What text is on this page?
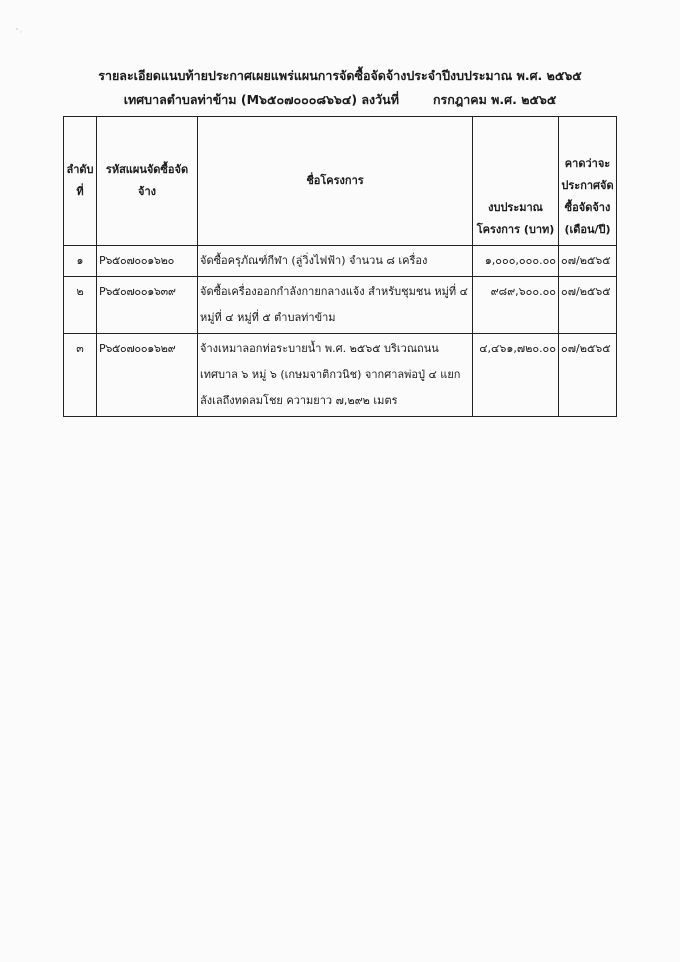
รายละเอียดแนบท้ายประกาศเผยแพร่แผนการจัดซื้อจัดจ้างประจำปีงบประมาณ พ.ศ. ๒๕๖๕
เทศบาลตำบลท่าข้าม (M๖๕๐๗๐๐๐๘๖๖๔) ลงวันที่	กรกฎาคม พ.ศ. ๒๕๖๕
ลำดับที่	รหัสแผนจัดซื้อจัดจ้าง	ชื่อโครงการ	งบประมาณโครงการ (บาท)	คาดว่าจะประกาศจัดซื้อจัดจ้าง (เดือน/ปี)
๑	P๖๕๐๗๐๐๑๖๒๐	จัดซื้อครุภัณฑ์กีฬา (ลู่วิ่งไฟฟ้า) จำนวน ๘ เครื่อง	๑,๐๐๐,๐๐๐.๐๐	๐๗/๒๕๖๕
๒	P๖๕๐๗๐๐๑๖๓๙	จัดซื้อเครื่องออกกำลังกายกลางแจ้ง สำหรับชุมชน หมู่ที่ ๔ หมู่ที่ ๔ หมู่ที่ ๕ ตำบลท่าข้าม	๙๘๙,๖๐๐.๐๐	๐๗/๒๕๖๕
๓	P๖๕๐๗๐๐๑๖๒๙	จ้างเหมาลอกท่อระบายน้ำ พ.ศ. ๒๕๖๕ บริเวณถนนเทศบาล ๖ หมู่ ๖ (เกษมจาติกวนิช) จากศาลพ่อปู่ ๔ แยกลังเลถึงทดลมโชย ความยาว ๗,๒๙๒ เมตร	๔,๔๖๑,๗๒๐.๐๐	๐๗/๒๕๖๕
